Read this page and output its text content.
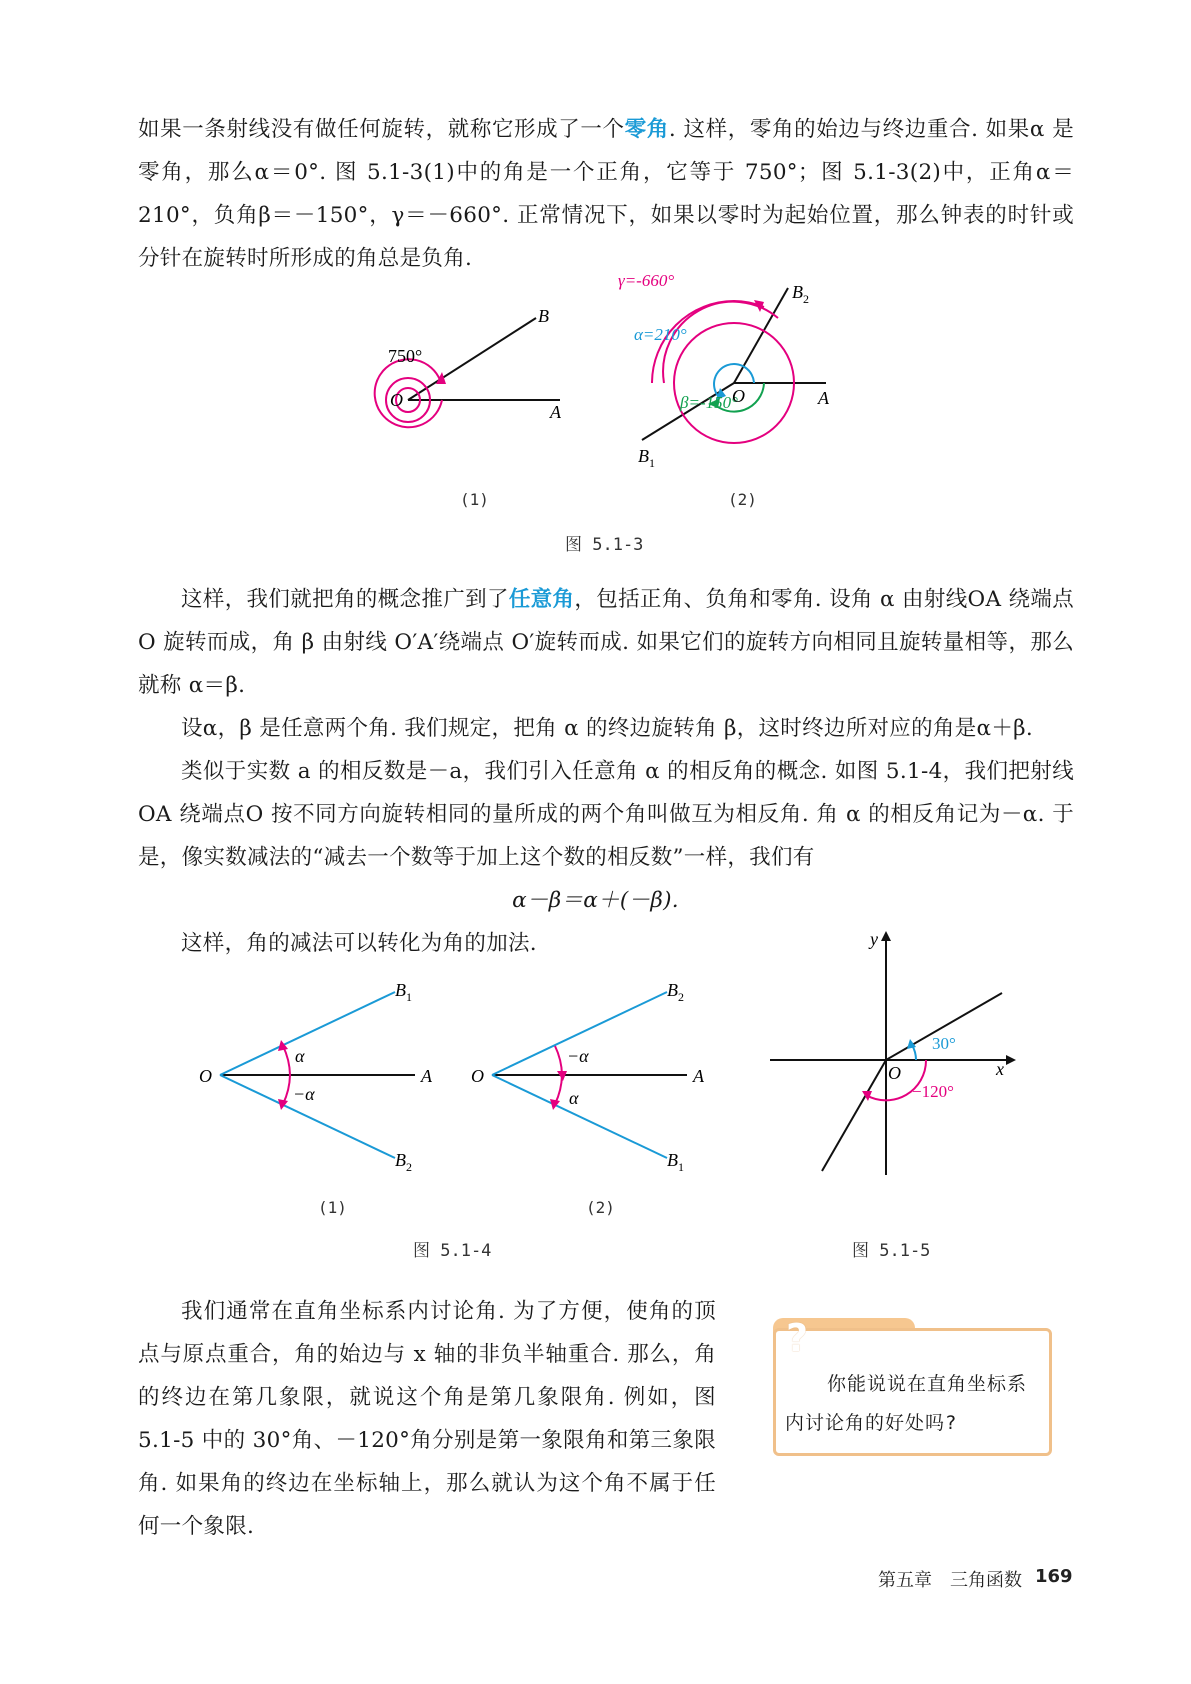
如果一条射线没有做任何旋转，就称它形成了一个零角. 这样，零角的始边与终边重合. 如果α 是零角，那么α＝0°. 图 5.1-3(1)中的角是一个正角，它等于 750°；图 5.1-3(2)中，正角α＝210°，负角β＝－150°，γ＝－660°. 正常情况下，如果以零时为起始位置，那么钟表的时针或分针在旋转时所形成的角总是负角.
O
A
B
750°
(1)
γ=-660°
α=210°
β=-150°
O	A
$B_2$
$B_1$
(2)
图 5.1-3
这样，我们就把角的概念推广到了任意角，包括正角、负角和零角. 设角 α 由射线OA 绕端点O 旋转而成，角 β 由射线 O′A′绕端点 O′旋转而成. 如果它们的旋转方向相同且旋转量相等，那么就称 α＝β.
设α，β 是任意两个角. 我们规定，把角 α 的终边旋转角 β，这时终边所对应的角是α＋β.
类似于实数 a 的相反数是－a，我们引入任意角 α 的相反角的概念. 如图 5.1-4，我们把射线 OA 绕端点O 按不同方向旋转相同的量所成的两个角叫做互为相反角. 角 α 的相反角记为－α. 于是，像实数减法的“减去一个数等于加上这个数的相反数”一样，我们有
α－β＝α＋(－β).
这样，角的减法可以转化为角的加法.
O	A
$B_1$
$B_2$
α
−α
(1)
O	A
$B_2$
$B_1$
−α
α
(2)
图 5.1-4
y
x
O
30°
−120°
图 5.1-5
我们通常在直角坐标系内讨论角. 为了方便，使角的顶点与原点重合，角的始边与 x 轴的非负半轴重合. 那么，角的终边在第几象限，就说这个角是第几象限角. 例如，图 5.1-5 中的 30°角、－120°角分别是第一象限角和第三象限角. 如果角的终边在坐标轴上，那么就认为这个角不属于任何一个象限.
?
你能说说在直角坐标系内讨论角的好处吗?
第五章　三角函数 169
